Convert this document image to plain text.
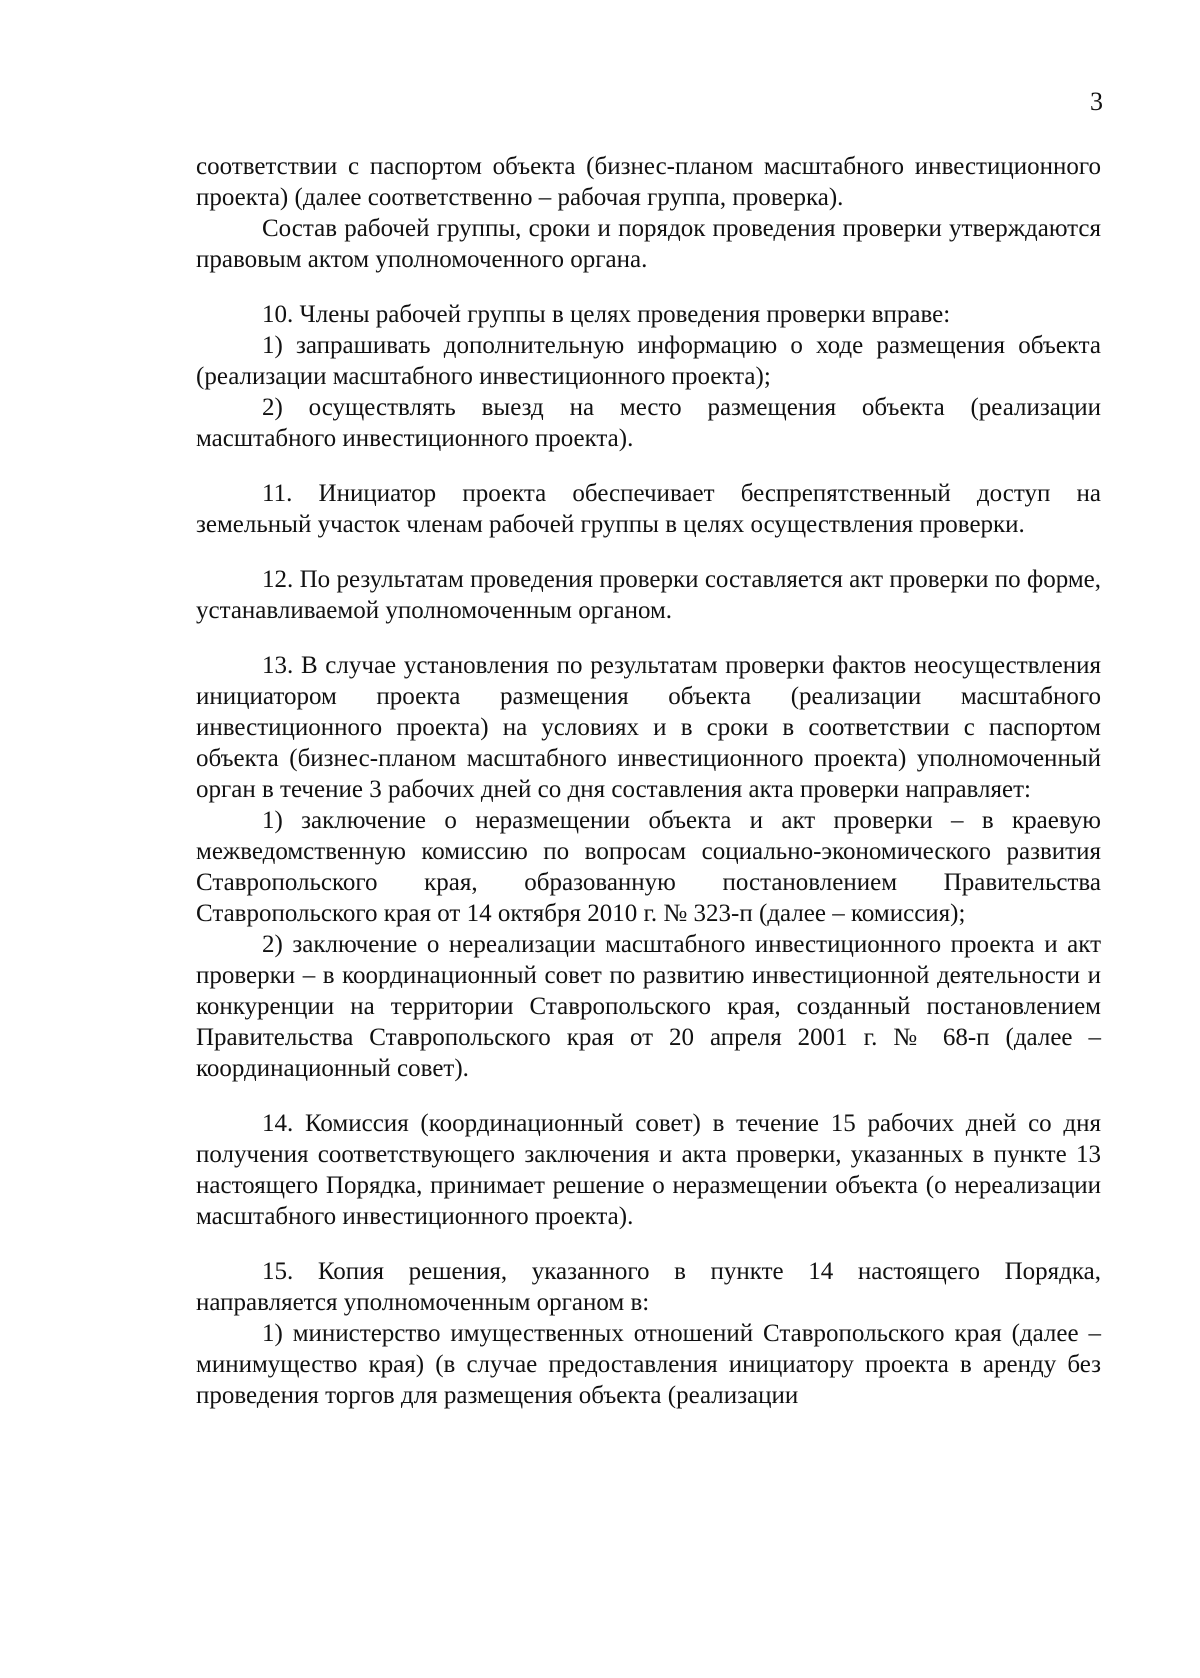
3

соответствии с паспортом объекта (бизнес-планом масштабного инвестиционного проекта) (далее соответственно – рабочая группа, проверка).

Состав рабочей группы, сроки и порядок проведения проверки утверждаются правовым актом уполномоченного органа.

10. Члены рабочей группы в целях проведения проверки вправе:

1) запрашивать дополнительную информацию о ходе размещения объекта (реализации масштабного инвестиционного проекта);

2) осуществлять выезд на место размещения объекта (реализации масштабного инвестиционного проекта).

11. Инициатор проекта обеспечивает беспрепятственный доступ на земельный участок членам рабочей группы в целях осуществления проверки.

12. По результатам проведения проверки составляется акт проверки по форме, устанавливаемой уполномоченным органом.

13. В случае установления по результатам проверки фактов неосуществления инициатором проекта размещения объекта (реализации масштабного инвестиционного проекта) на условиях и в сроки в соответствии с паспортом объекта (бизнес-планом масштабного инвестиционного проекта) уполномоченный орган в течение 3 рабочих дней со дня составления акта проверки направляет:

1) заключение о неразмещении объекта и акт проверки – в краевую межведомственную комиссию по вопросам социально-экономического развития Ставропольского края, образованную постановлением Правительства Ставропольского края от 14 октября 2010 г. № 323-п (далее – комиссия);

2) заключение о нереализации масштабного инвестиционного проекта и акт проверки – в координационный совет по развитию инвестиционной деятельности и конкуренции на территории Ставропольского края, созданный постановлением Правительства Ставропольского края от 20 апреля 2001 г. № 68-п (далее – координационный совет).

14. Комиссия (координационный совет) в течение 15 рабочих дней со дня получения соответствующего заключения и акта проверки, указанных в пункте 13 настоящего Порядка, принимает решение о неразмещении объекта (о нереализации масштабного инвестиционного проекта).

15. Копия решения, указанного в пункте 14 настоящего Порядка, направляется уполномоченным органом в:

1) министерство имущественных отношений Ставропольского края (далее – минимущество края) (в случае предоставления инициатору проекта в аренду без проведения торгов для размещения объекта (реализации
